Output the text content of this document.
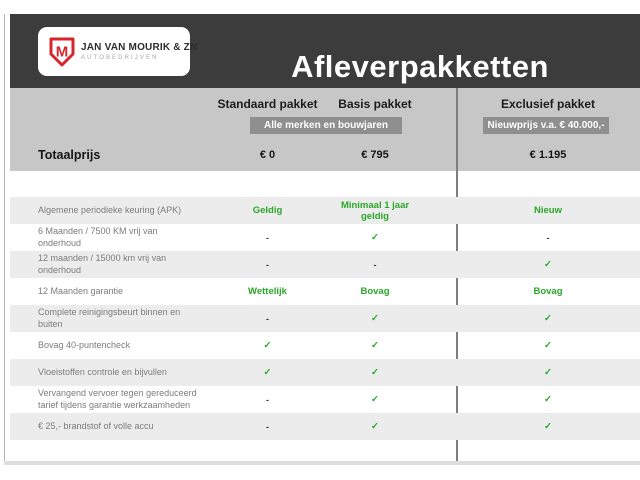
M JAN VAN MOURIK & ZN
AUTOBEDRIJVEN	Afleverpakketten
Standaard pakket	Basis pakket	Exclusief pakket
Alle merken en bouwjaren	Nieuwprijs v.a. € 40.000,-
Totaalprijs	€ 0	€ 795	€ 1.195
Algemene periodieke keuring (APK)	Geldig	Minimaal 1 jaar geldig	Nieuw
6 Maanden / 7500 KM vrij van onderhoud	-	✓	-
12 maanden / 15000 km vrij van onderhoud	-	-	✓
12 Maanden garantie	Wettelijk	Bovag	Bovag
Complete reinigingsbeurt binnen en buiten	-	✓	✓
Bovag 40-puntencheck	✓	✓	✓
Vloeistoffen controle en bijvullen	✓	✓	✓
Vervangend vervoer tegen gereduceerd tarief tijdens garantie werkzaamheden	-	✓	✓
€ 25,- brandstof of volle accu	-	✓	✓
